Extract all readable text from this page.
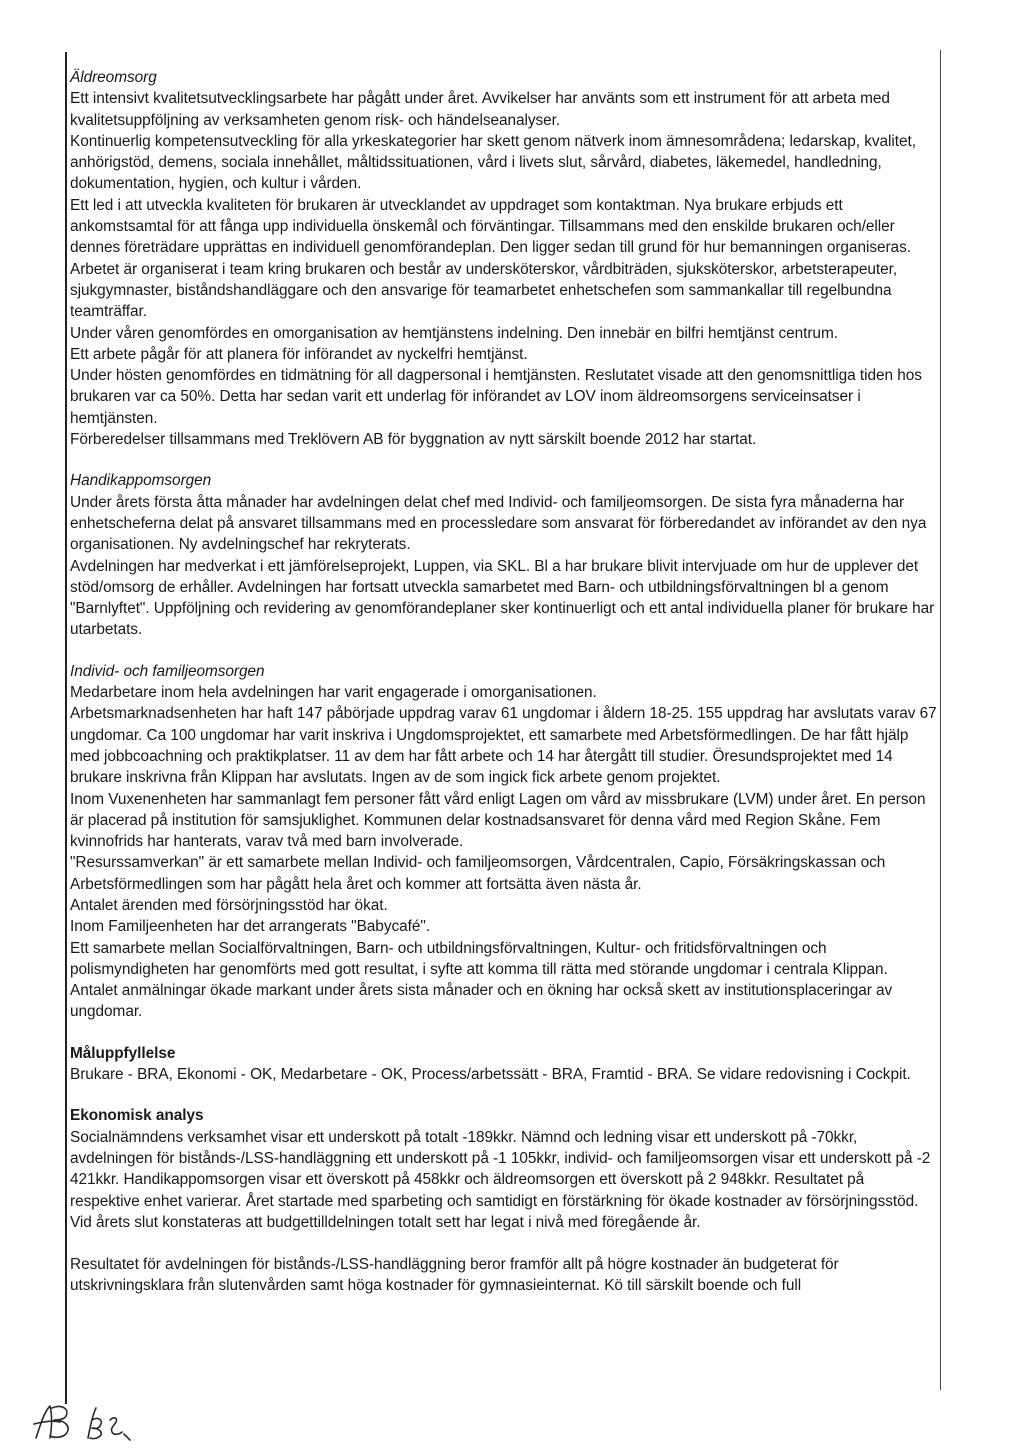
Äldreomsorg

Ett intensivt kvalitetsutvecklingsarbete har pågått under året. Avvikelser har använts som ett instrument för att arbeta med kvalitetsuppföljning av verksamheten genom risk- och händelseanalyser.

Kontinuerlig kompetensutveckling för alla yrkeskategorier har skett genom nätverk inom ämnesområdena; ledarskap, kvalitet, anhörigstöd, demens, sociala innehållet, måltidssituationen, vård i livets slut, sårvård, diabetes, läkemedel, handledning, dokumentation, hygien, och kultur i vården.

Ett led i att utveckla kvaliteten för brukaren är utvecklandet av uppdraget som kontaktman. Nya brukare erbjuds ett ankomstsamtal för att fånga upp individuella önskemål och förväntingar. Tillsammans med den enskilde brukaren och/eller dennes företrädare upprättas en individuell genomförandeplan. Den ligger sedan till grund för hur bemanningen organiseras. Arbetet är organiserat i team kring brukaren och består av undersköterskor, vårdbiträden, sjuksköterskor, arbetsterapeuter, sjukgymnaster, biståndshandläggare och den ansvarige för teamarbetet enhetschefen som sammankallar till regelbundna teamträffar.

Under våren genomfördes en omorganisation av hemtjänstens indelning. Den innebär en bilfri hemtjänst centrum.

Ett arbete pågår för att planera för införandet av nyckelfri hemtjänst.

Under hösten genomfördes en tidmätning för all dagpersonal i hemtjänsten. Reslutatet visade att den genomsnittliga tiden hos brukaren var ca 50%. Detta har sedan varit ett underlag för införandet av LOV inom äldreomsorgens serviceinsatser i hemtjänsten.

Förberedelser tillsammans med Treklövern AB för byggnation av nytt särskilt boende 2012 har startat.

Handikappomsorgen

Under årets första åtta månader har avdelningen delat chef med Individ- och familjeomsorgen. De sista fyra månaderna har enhetscheferna delat på ansvaret tillsammans med en processledare som ansvarat för förberedandet av införandet av den nya organisationen. Ny avdelningschef har rekryterats.

Avdelningen har medverkat i ett jämförelseprojekt, Luppen, via SKL. Bl a har brukare blivit intervjuade om hur de upplever det stöd/omsorg de erhåller. Avdelningen har fortsatt utveckla samarbetet med Barn- och utbildningsförvaltningen bl a genom "Barnlyftet". Uppföljning och revidering av genomförandeplaner sker kontinuerligt och ett antal individuella planer för brukare har utarbetats.

Individ- och familjeomsorgen

Medarbetare inom hela avdelningen har varit engagerade i omorganisationen.

Arbetsmarknadsenheten har haft 147 påbörjade uppdrag varav 61 ungdomar i åldern 18-25. 155 uppdrag har avslutats varav 67 ungdomar. Ca 100 ungdomar har varit inskriva i Ungdomsprojektet, ett samarbete med Arbetsförmedlingen. De har fått hjälp med jobbcoachning och praktikplatser. 11 av dem har fått arbete och 14 har återgått till studier. Öresundsprojektet med 14 brukare inskrivna från Klippan har avslutats. Ingen av de som ingick fick arbete genom projektet.

Inom Vuxenenheten har sammanlagt fem personer fått vård enligt Lagen om vård av missbrukare (LVM) under året. En person är placerad på institution för samsjuklighet. Kommunen delar kostnadsansvaret för denna vård med Region Skåne. Fem kvinnofrids har hanterats, varav två med barn involverade.

"Resurssamverkan" är ett samarbete mellan Individ- och familjeomsorgen, Vårdcentralen, Capio, Försäkringskassan och Arbetsförmedlingen som har pågått hela året och kommer att fortsätta även nästa år.

Antalet ärenden med försörjningsstöd har ökat.

Inom Familjeenheten har det arrangerats "Babycafé".

Ett samarbete mellan Socialförvaltningen, Barn- och utbildningsförvaltningen, Kultur- och fritidsförvaltningen och polismyndigheten har genomförts med gott resultat, i syfte att komma till rätta med störande ungdomar i centrala Klippan.

Antalet anmälningar ökade markant under årets sista månader och en ökning har också skett av institutionsplaceringar av ungdomar.

Måluppfyllelse

Brukare - BRA, Ekonomi - OK, Medarbetare - OK, Process/arbetssätt - BRA, Framtid - BRA. Se vidare redovisning i Cockpit.

Ekonomisk analys

Socialnämndens verksamhet visar ett underskott på totalt -189kkr. Nämnd och ledning visar ett underskott på -70kkr, avdelningen för bistånds-/LSS-handläggning ett underskott på -1 105kkr, individ- och familjeomsorgen visar ett underskott på -2 421kkr. Handikappomsorgen visar ett överskott på 458kkr och äldreomsorgen ett överskott på 2 948kkr. Resultatet på respektive enhet varierar. Året startade med sparbeting och samtidigt en förstärkning för ökade kostnader av försörjningsstöd. Vid årets slut konstateras att budgettilldelningen totalt sett har legat i nivå med föregående år.

Resultatet för avdelningen för bistånds-/LSS-handläggning beror framför allt på högre kostnader än budgeterat för utskrivningsklara från slutenvården samt höga kostnader för gymnasieinternat. Kö till särskilt boende och full
